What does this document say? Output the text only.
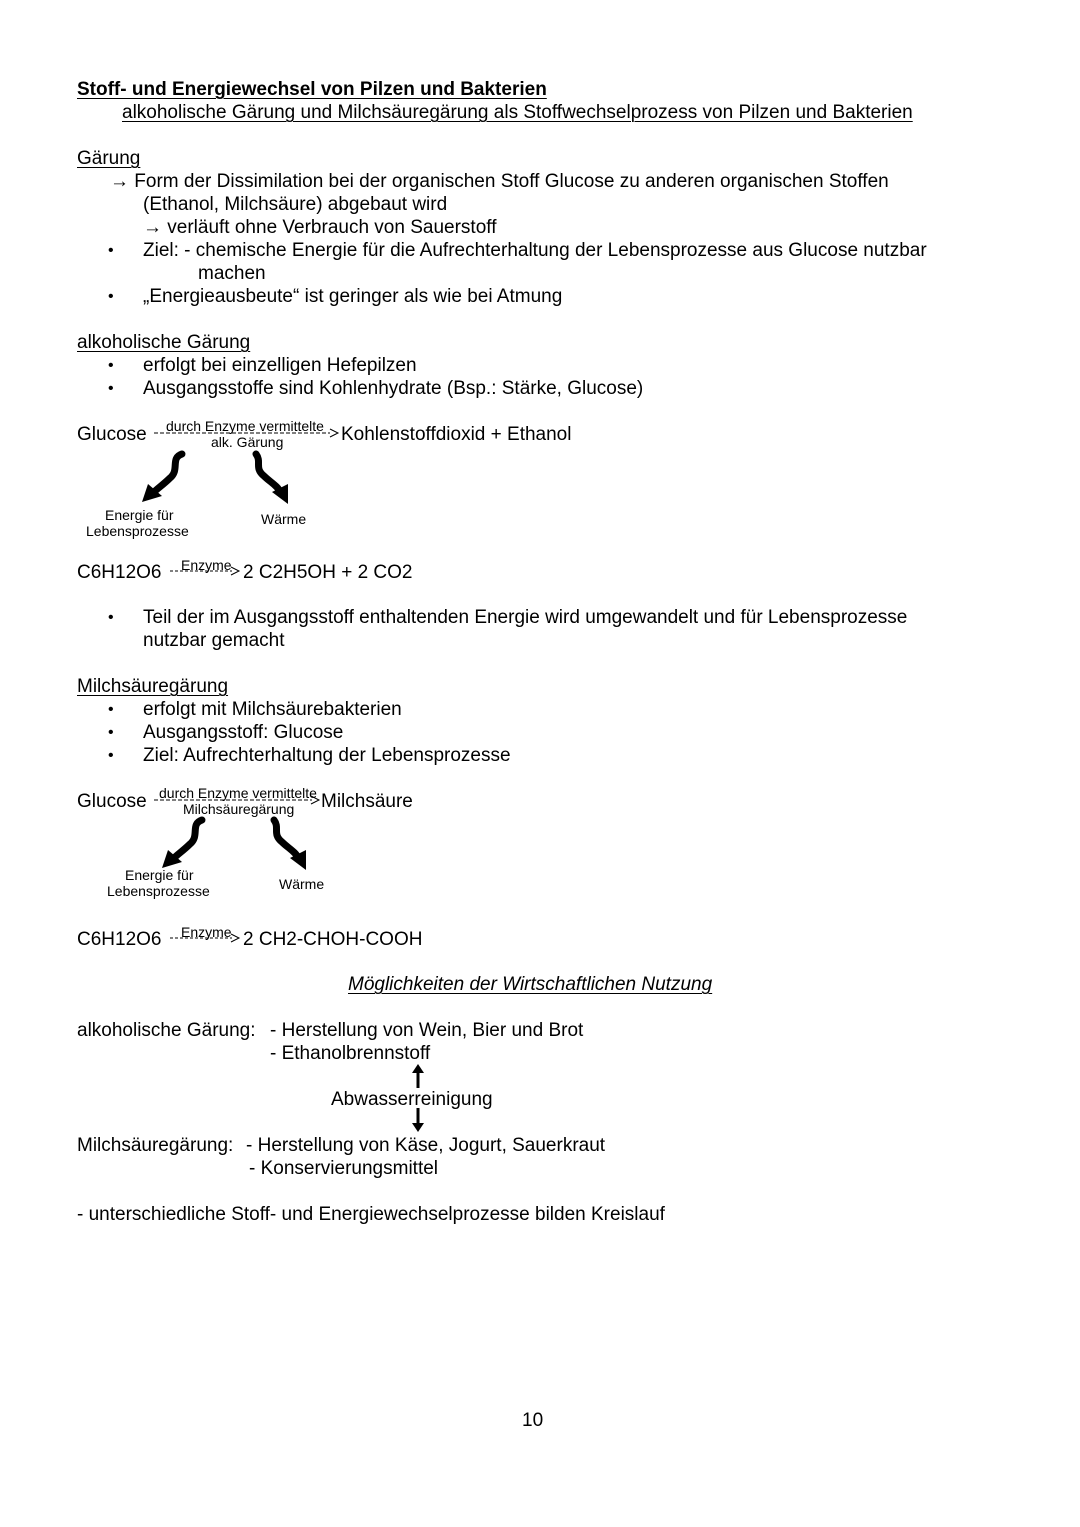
Stoff- und Energiewechsel von Pilzen und Bakterien
alkoholische Gärung und Milchsäuregärung als Stoffwechselprozess von Pilzen und Bakterien
Gärung
→ Form der Dissimilation bei der organischen Stoff Glucose zu anderen organischen Stoffen
(Ethanol, Milchsäure) abgebaut wird
→ verläuft ohne Verbrauch von Sauerstoff
• Ziel: - chemische Energie für die Aufrechterhaltung der Lebensprozesse aus Glucose nutzbar
machen
• „Energieausbeute“ ist geringer als wie bei Atmung
alkoholische Gärung
• erfolgt bei einzelligen Hefepilzen
• Ausgangsstoffe sind Kohlenhydrate (Bsp.: Stärke, Glucose)
Glucose durch Enzyme vermittelte
alk. Gärung	Kohlenstoffdioxid + Ethanol
Energie für
Lebensprozesse
Wärme
C6H12O6 Enzyme 2 C2H5OH + 2 CO2
• Teil der im Ausgangsstoff enthaltenden Energie wird umgewandelt und für Lebensprozesse
nutzbar gemacht
Milchsäuregärung
• erfolgt mit Milchsäurebakterien
• Ausgangsstoff: Glucose
• Ziel: Aufrechterhaltung der Lebensprozesse
Glucose durch Enzyme vermittelte
Milchsäuregärung Milchsäure
Energie für
Lebensprozesse	Wärme
C6H12O6 Enzyme 2 CH2-CHOH-COOH
Möglichkeiten der Wirtschaftlichen Nutzung
alkoholische Gärung: - Herstellung von Wein, Bier und Brot
- Ethanolbrennstoff
Abwasserreinigung
Milchsäuregärung: - Herstellung von Käse, Jogurt, Sauerkraut
- Konservierungsmittel
- unterschiedliche Stoff- und Energiewechselprozesse bilden Kreislauf
10
